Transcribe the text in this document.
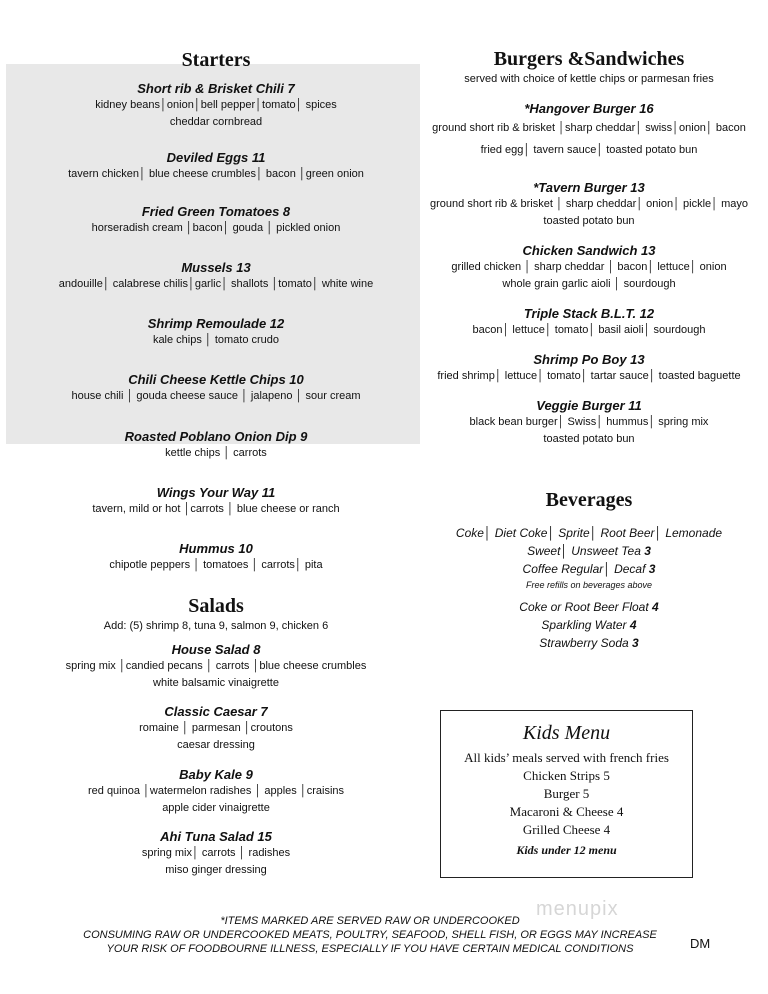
Starters
Short rib & Brisket Chili 7
kidney beans│onion│bell pepper│tomato│ spices
cheddar cornbread
Deviled Eggs 11
tavern chicken│ blue cheese crumbles│ bacon │green onion
Fried Green Tomatoes 8
horseradish cream │bacon│ gouda │ pickled onion
Mussels 13
andouille│ calabrese chilis│garlic│ shallots │tomato│ white wine
Shrimp Remoulade 12
kale chips │ tomato crudo
Chili Cheese Kettle Chips 10
house chili │ gouda cheese sauce │ jalapeno │ sour cream
Roasted Poblano Onion Dip 9
kettle chips │ carrots
Wings Your Way 11
tavern, mild or hot │carrots │ blue cheese or ranch
Hummus 10
chipotle peppers │ tomatoes │ carrots│ pita
Salads
Add: (5) shrimp 8, tuna 9, salmon 9, chicken 6
House Salad 8
spring mix │candied pecans │ carrots │blue cheese crumbles
white balsamic vinaigrette
Classic Caesar 7
romaine │ parmesan │croutons
caesar dressing
Baby Kale 9
red quinoa │watermelon radishes │ apples │craisins
apple cider vinaigrette
Ahi Tuna Salad 15
spring mix│ carrots │ radishes
miso ginger dressing
Burgers &Sandwiches
served with choice of kettle chips or parmesan fries
*Hangover Burger 16
ground short rib & brisket │sharp cheddar│ swiss│onion│ bacon
fried egg│ tavern sauce│ toasted potato bun
*Tavern Burger 13
ground short rib & brisket │ sharp cheddar│ onion│ pickle│ mayo
toasted potato bun
Chicken Sandwich 13
grilled chicken │ sharp cheddar │ bacon│ lettuce│ onion
whole grain garlic aioli │ sourdough
Triple Stack B.L.T. 12
bacon│ lettuce│ tomato│ basil aioli│ sourdough
Shrimp Po Boy 13
fried shrimp│ lettuce│ tomato│ tartar sauce│ toasted baguette
Veggie Burger 11
black bean burger│ Swiss│ hummus│ spring mix
toasted potato bun
Beverages
Coke│ Diet Coke│ Sprite│ Root Beer│ Lemonade
Sweet│ Unsweet Tea 3
Coffee Regular│ Decaf 3
Free refills on beverages above
Coke or Root Beer Float 4
Sparkling Water 4
Strawberry Soda 3
Kids Menu
All kids’ meals served with french fries
Chicken Strips 5
Burger 5
Macaroni & Cheese 4
Grilled Cheese 4
Kids under 12 menu
menupix
*ITEMS MARKED ARE SERVED RAW OR UNDERCOOKED
CONSUMING RAW OR UNDERCOOKED MEATS, POULTRY, SEAFOOD, SHELL FISH, OR EGGS MAY INCREASE
YOUR RISK OF FOODBOURNE ILLNESS, ESPECIALLY IF YOU HAVE CERTAIN MEDICAL CONDITIONS	DM
